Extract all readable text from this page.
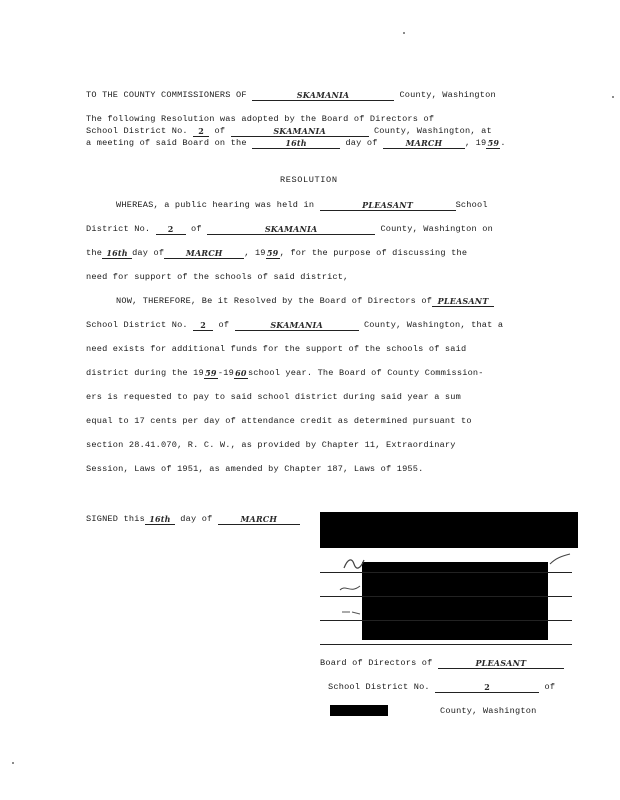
TO THE COUNTY COMMISSIONERS OF	SKAMANIA	County, Washington
The following Resolution was adopted by the Board of Directors of
School District No. 2 of	SKAMANIA	County, Washington, at
a meeting of said Board on the	16th	day of	MARCH	, 1959.
RESOLUTION
WHEREAS, a public hearing was held in	PLEASANT	School
District No. 2 of	SKAMANIA	County, Washington on
the 16th day of	MARCH	, 1959, for the purpose of discussing the
need for support of the schools of said district,
NOW, THEREFORE, Be it Resolved by the Board of Directors of PLEASANT
School District No. 2 of	SKAMANIA	County, Washington, that a
need exists for additional funds for the support of the schools of said
district during the 1959-1960school year. The Board of County Commission-
ers is requested to pay to said school district during said year a sum
equal to 17 cents per day of attendance credit as determined pursuant to
section 28.41.070, R. C. W., as provided by Chapter 11, Extraordinary
Session, Laws of 1951, as amended by Chapter 187, Laws of 1955.
SIGNED this 16th day of	MARCH
Board of Directors of	PLEASANT
School District No.	2	of
County, Washington
